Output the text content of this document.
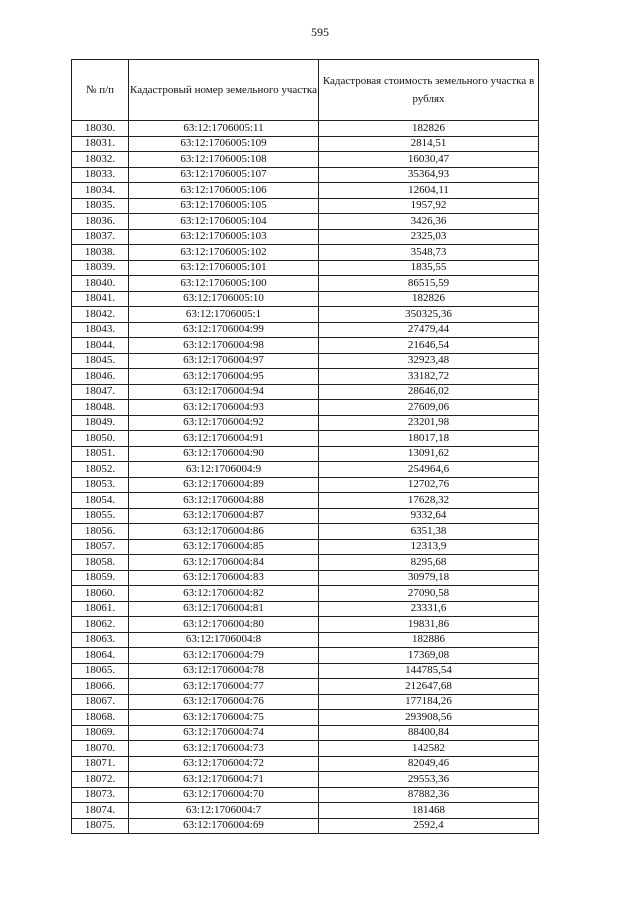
595
№ п/п	Кадастровый номер земельного участка	Кадастровая стоимость земельного участка в рублях
18030.	63:12:1706005:11	182826
18031.	63:12:1706005:109	2814,51
18032.	63:12:1706005:108	16030,47
18033.	63:12:1706005:107	35364,93
18034.	63:12:1706005:106	12604,11
18035.	63:12:1706005:105	1957,92
18036.	63:12:1706005:104	3426,36
18037.	63:12:1706005:103	2325,03
18038.	63:12:1706005:102	3548,73
18039.	63:12:1706005:101	1835,55
18040.	63:12:1706005:100	86515,59
18041.	63:12:1706005:10	182826
18042.	63:12:1706005:1	350325,36
18043.	63:12:1706004:99	27479,44
18044.	63:12:1706004:98	21646,54
18045.	63:12:1706004:97	32923,48
18046.	63:12:1706004:95	33182,72
18047.	63:12:1706004:94	28646,02
18048.	63:12:1706004:93	27609,06
18049.	63:12:1706004:92	23201,98
18050.	63:12:1706004:91	18017,18
18051.	63:12:1706004:90	13091,62
18052.	63:12:1706004:9	254964,6
18053.	63:12:1706004:89	12702,76
18054.	63:12:1706004:88	17628,32
18055.	63:12:1706004:87	9332,64
18056.	63:12:1706004:86	6351,38
18057.	63:12:1706004:85	12313,9
18058.	63:12:1706004:84	8295,68
18059.	63:12:1706004:83	30979,18
18060.	63:12:1706004:82	27090,58
18061.	63:12:1706004:81	23331,6
18062.	63:12:1706004:80	19831,86
18063.	63:12:1706004:8	182886
18064.	63:12:1706004:79	17369,08
18065.	63:12:1706004:78	144785,54
18066.	63:12:1706004:77	212647,68
18067.	63:12:1706004:76	177184,26
18068.	63:12:1706004:75	293908,56
18069.	63:12:1706004:74	88400,84
18070.	63:12:1706004:73	142582
18071.	63:12:1706004:72	82049,46
18072.	63:12:1706004:71	29553,36
18073.	63:12:1706004:70	87882,36
18074.	63:12:1706004:7	181468
18075.	63:12:1706004:69	2592,4
